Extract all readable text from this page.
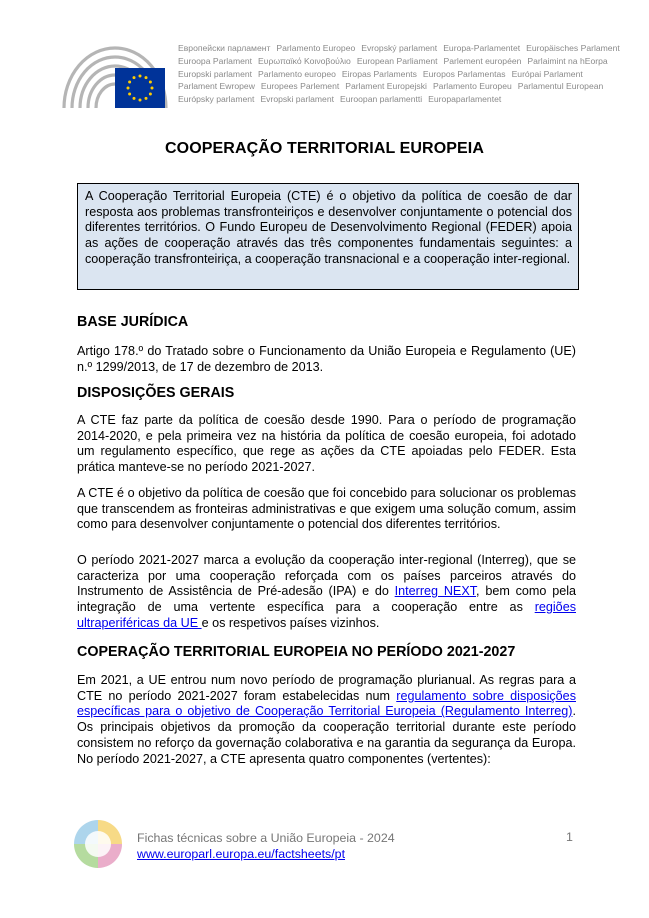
Европейски парламент Parlamento Europeo Evropský parlament Europa-Parlamentet Europäisches Parlament
Euroopa Parlament Ευρωπαϊκό Κοινοβούλιο European Parliament Parlement européen Parlaimint na hEorpa
Europski parlament Parlamento europeo Eiropas Parlaments Europos Parlamentas Európai Parlament
Parlament Ewropew Europees Parlement Parlament Europejski Parlamento Europeu Parlamentul European
Európsky parlament Evropski parlament Euroopan parlamentti Europaparlamentet
COOPERAÇÃO TERRITORIAL EUROPEIA
A Cooperação Territorial Europeia (CTE) é o objetivo da política de coesão de dar resposta aos problemas transfronteiriços e desenvolver conjuntamente o potencial dos diferentes territórios. O Fundo Europeu de Desenvolvimento Regional (FEDER) apoia as ações de cooperação através das três componentes fundamentais seguintes: a cooperação transfronteiriça, a cooperação transnacional e a cooperação inter-regional.
BASE JURÍDICA
Artigo 178.º do Tratado sobre o Funcionamento da União Europeia e Regulamento (UE) n.º 1299/2013, de 17 de dezembro de 2013.
DISPOSIÇÕES GERAIS
A CTE faz parte da política de coesão desde 1990. Para o período de programação 2014-2020, e pela primeira vez na história da política de coesão europeia, foi adotado um regulamento específico, que rege as ações da CTE apoiadas pelo FEDER. Esta prática manteve-se no período 2021-2027.
A CTE é o objetivo da política de coesão que foi concebido para solucionar os problemas que transcendem as fronteiras administrativas e que exigem uma solução comum, assim como para desenvolver conjuntamente o potencial dos diferentes territórios.
O período 2021-2027 marca a evolução da cooperação inter-regional (Interreg), que se caracteriza por uma cooperação reforçada com os países parceiros através do Instrumento de Assistência de Pré-adesão (IPA) e do Interreg NEXT, bem como pela integração de uma vertente específica para a cooperação entre as regiões ultraperiféricas da UE e os respetivos países vizinhos.
COPERAÇÃO TERRITORIAL EUROPEIA NO PERÍODO 2021-2027
Em 2021, a UE entrou num novo período de programação plurianual. As regras para a CTE no período 2021-2027 foram estabelecidas num regulamento sobre disposições específicas para o objetivo de Cooperação Territorial Europeia (Regulamento Interreg). Os principais objetivos da promoção da cooperação territorial durante este período consistem no reforço da governação colaborativa e na garantia da segurança da Europa. No período 2021-2027, a CTE apresenta quatro componentes (vertentes):
Fichas técnicas sobre a União Europeia - 2024
www.europarl.europa.eu/factsheets/pt
1
